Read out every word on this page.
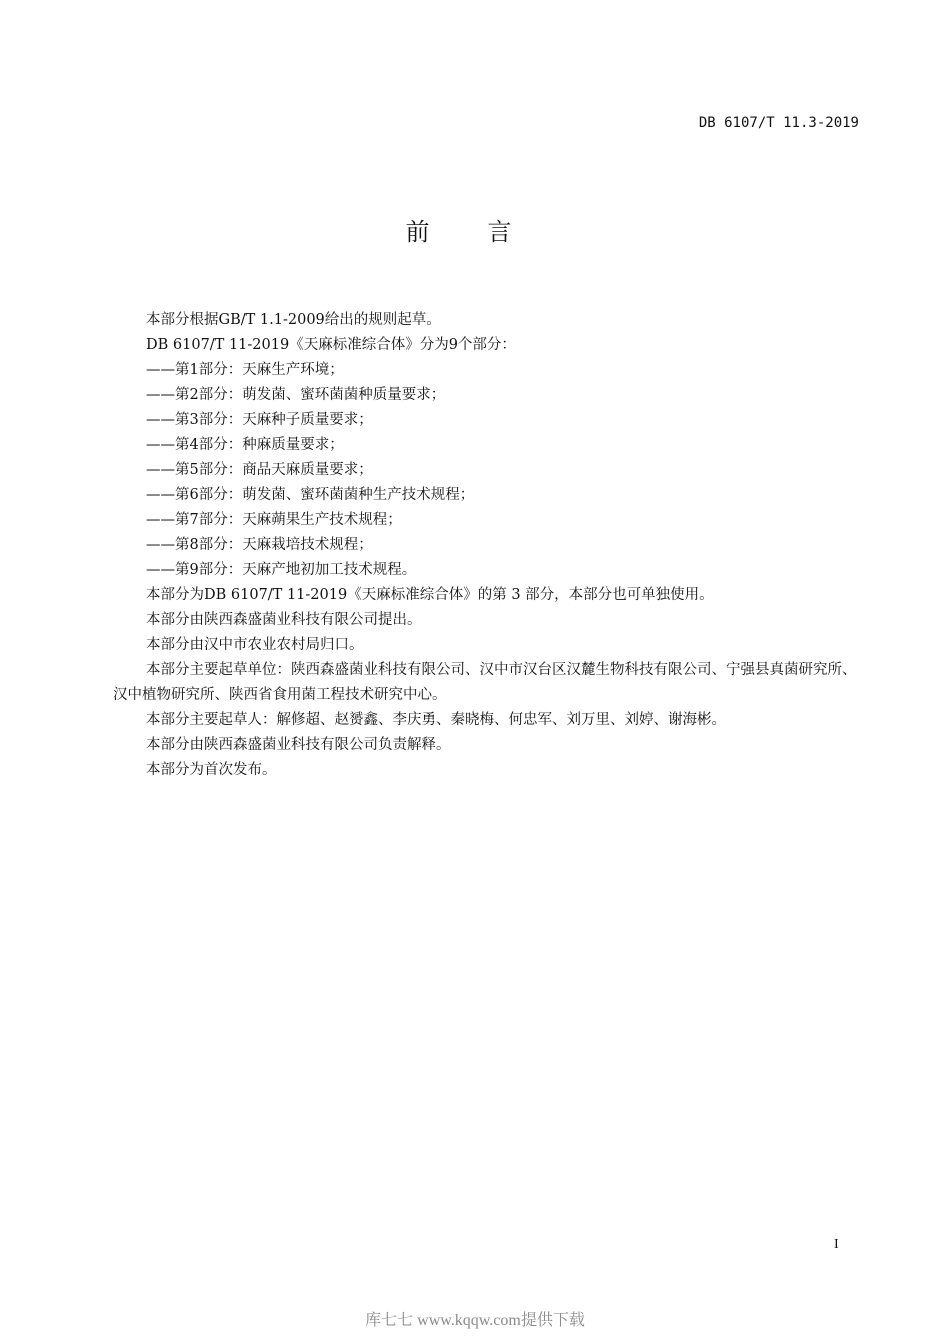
DB 6107/T 11.3-2019
前言

本部分根据GB/T 1.1-2009给出的规则起草。

DB 6107/T 11-2019《天麻标准综合体》分为9个部分：

——第1部分：天麻生产环境；

——第2部分：萌发菌、蜜环菌菌种质量要求；

——第3部分：天麻种子质量要求；

——第4部分：种麻质量要求；

——第5部分：商品天麻质量要求；

——第6部分：萌发菌、蜜环菌菌种生产技术规程；

——第7部分：天麻蒴果生产技术规程；

——第8部分：天麻栽培技术规程；

——第9部分：天麻产地初加工技术规程。

本部分为DB 6107/T 11-2019《天麻标准综合体》的第 3 部分，本部分也可单独使用。

本部分由陕西森盛菌业科技有限公司提出。

本部分由汉中市农业农村局归口。

本部分主要起草单位：陕西森盛菌业科技有限公司、汉中市汉台区汉麓生物科技有限公司、宁强县真菌研究所、汉中植物研究所、陕西省食用菌工程技术研究中心。

本部分主要起草人：解修超、赵赟鑫、李庆勇、秦晓梅、何忠军、刘万里、刘婷、谢海彬。

本部分由陕西森盛菌业科技有限公司负责解释。

本部分为首次发布。

I
库七七 www.kqqw.com提供下载
